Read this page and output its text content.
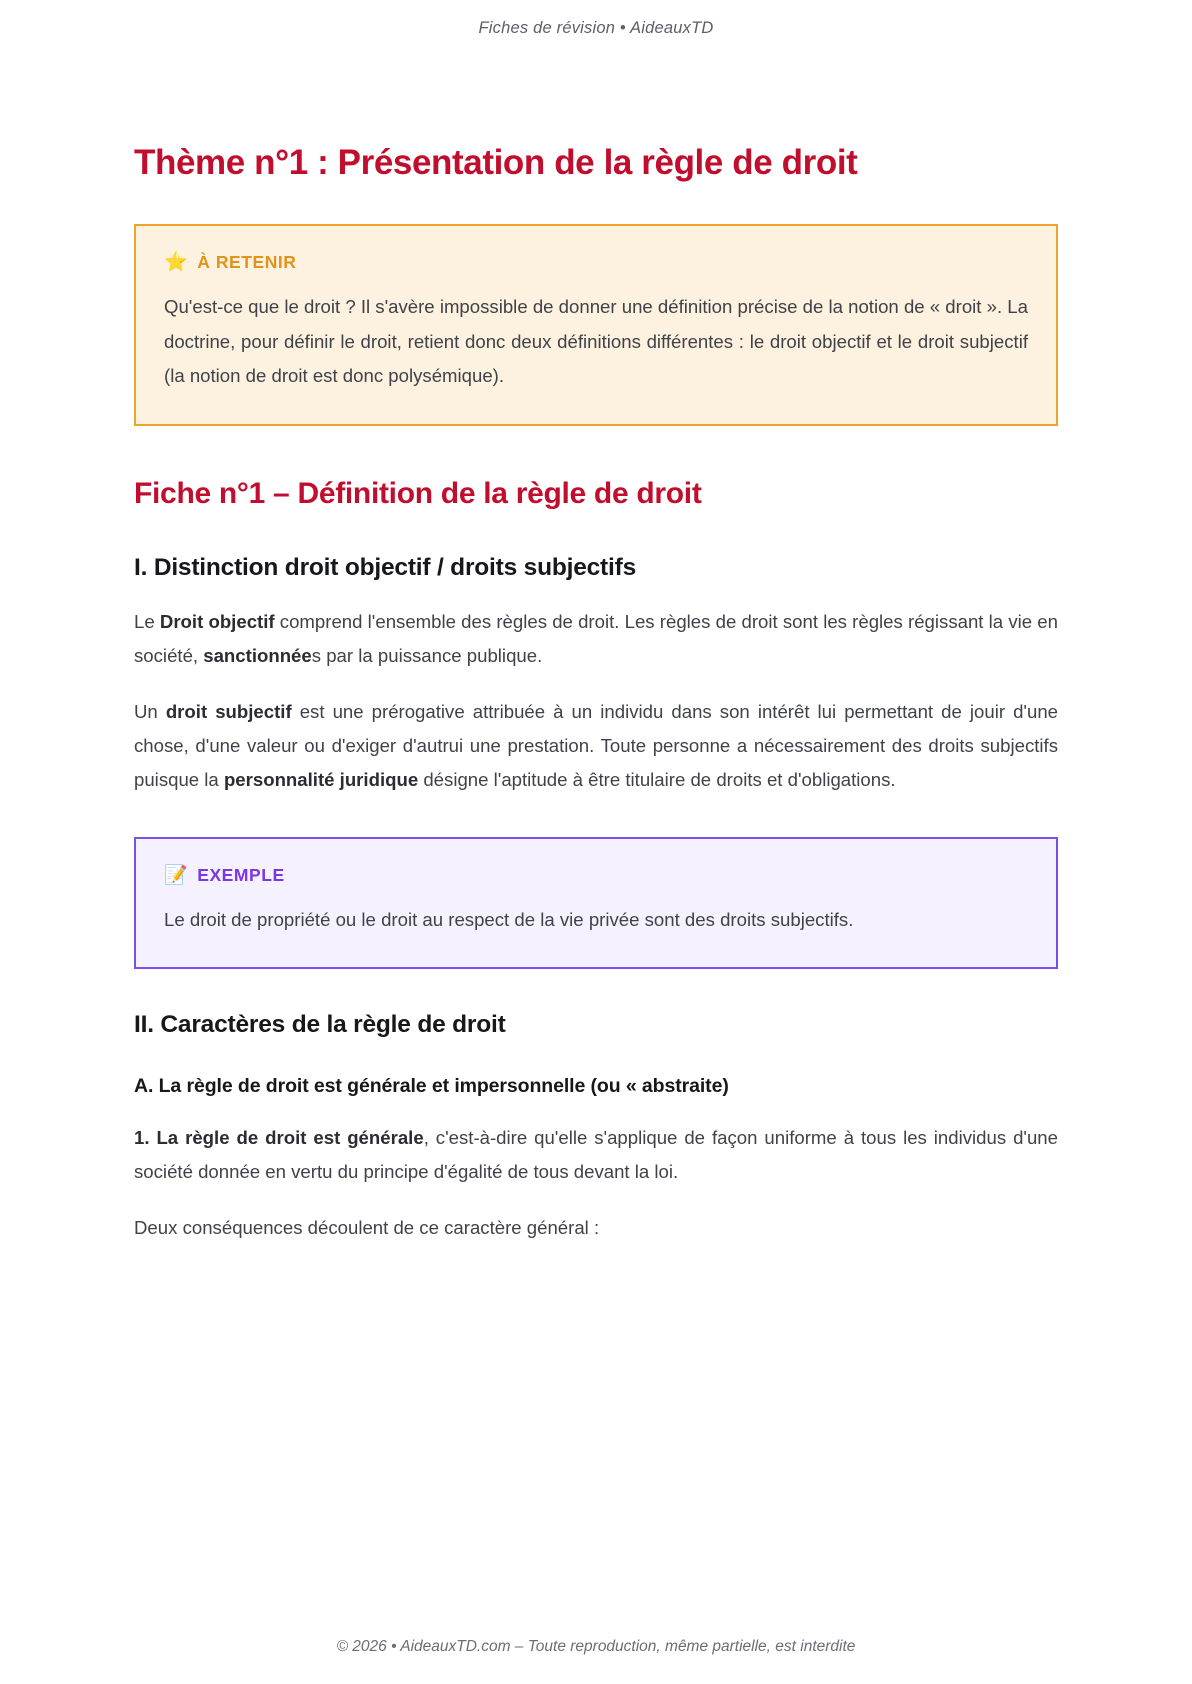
Fiches de révision • AideauxTD
Thème n°1 : Présentation de la règle de droit
⭐ À RETENIR

Qu'est-ce que le droit ? Il s'avère impossible de donner une définition précise de la notion de « droit ». La doctrine, pour définir le droit, retient donc deux définitions différentes : le droit objectif et le droit subjectif (la notion de droit est donc polysémique).

Fiche n°1 – Définition de la règle de droit
I. Distinction droit objectif / droits subjectifs

Le Droit objectif comprend l'ensemble des règles de droit. Les règles de droit sont les règles régissant la vie en société, sanctionnées par la puissance publique.

Un droit subjectif est une prérogative attribuée à un individu dans son intérêt lui permettant de jouir d'une chose, d'une valeur ou d'exiger d'autrui une prestation. Toute personne a nécessairement des droits subjectifs puisque la personnalité juridique désigne l'aptitude à être titulaire de droits et d'obligations.

📝 EXEMPLE

Le droit de propriété ou le droit au respect de la vie privée sont des droits subjectifs.

II. Caractères de la règle de droit
A. La règle de droit est générale et impersonnelle (ou « abstraite)

1. La règle de droit est générale, c'est-à-dire qu'elle s'applique de façon uniforme à tous les individus d'une société donnée en vertu du principe d'égalité de tous devant la loi.

Deux conséquences découlent de ce caractère général :

© 2026 • AideauxTD.com – Toute reproduction, même partielle, est interdite
